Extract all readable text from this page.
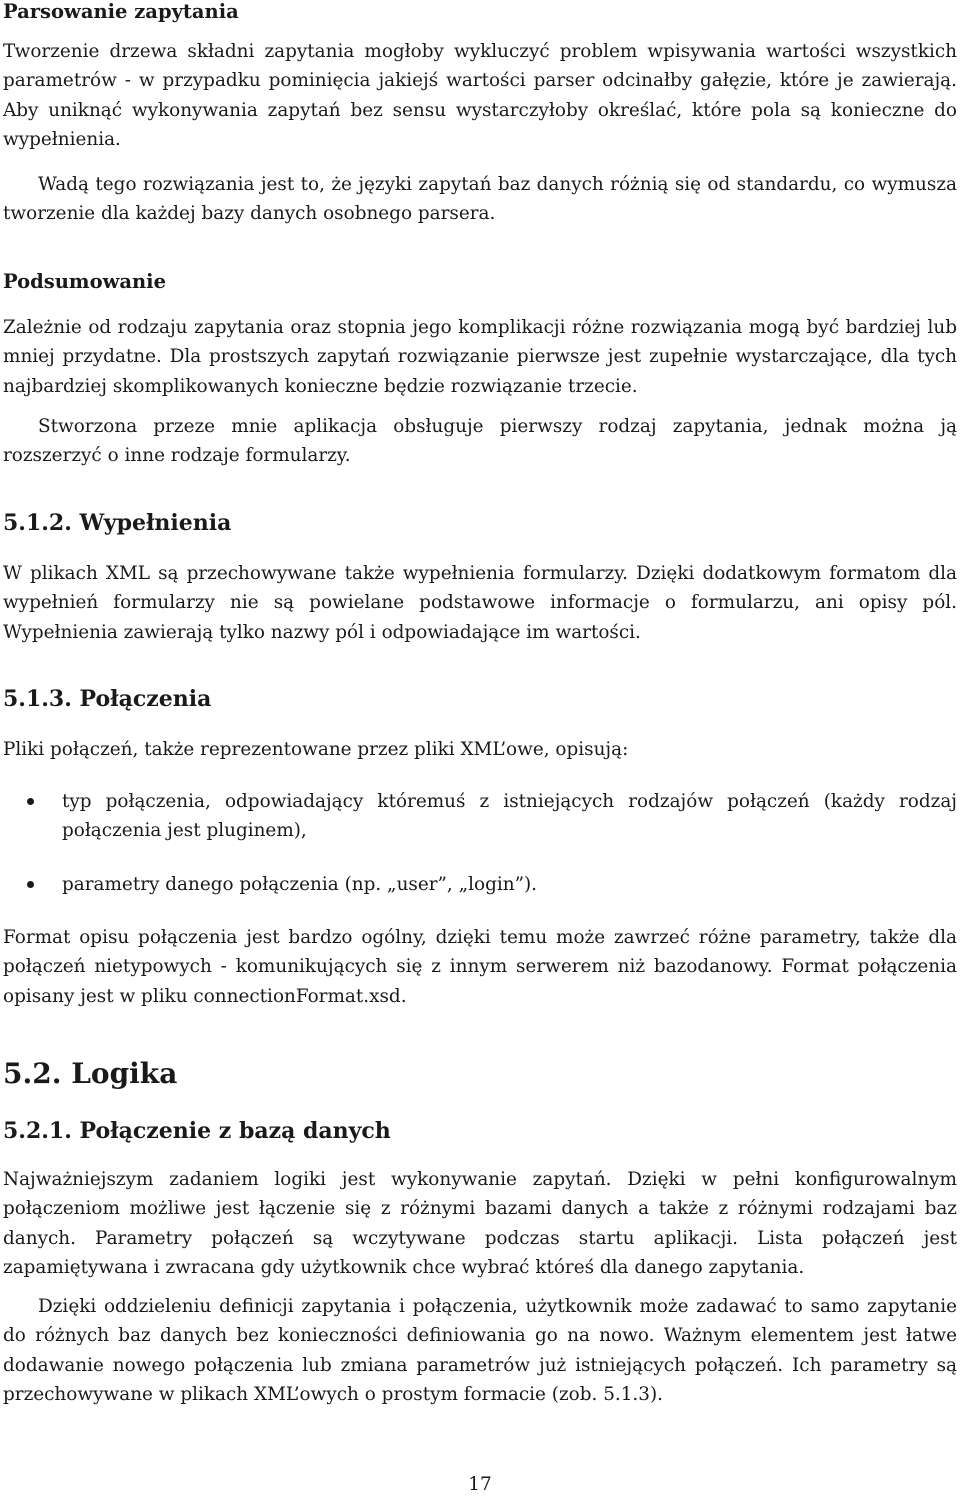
Parsowanie zapytania

Tworzenie drzewa składni zapytania mogłoby wykluczyć problem wpisywania wartości wszystkich parametrów - w przypadku pominięcia jakiejś wartości parser odcinałby gałęzie, które je zawierają. Aby uniknąć wykonywania zapytań bez sensu wystarczyłoby określać, które pola są konieczne do wypełnienia.

Wadą tego rozwiązania jest to, że języki zapytań baz danych różnią się od standardu, co wymusza tworzenie dla każdej bazy danych osobnego parsera.

Podsumowanie

Zależnie od rodzaju zapytania oraz stopnia jego komplikacji różne rozwiązania mogą być bardziej lub mniej przydatne. Dla prostszych zapytań rozwiązanie pierwsze jest zupełnie wystarczające, dla tych najbardziej skomplikowanych konieczne będzie rozwiązanie trzecie.

Stworzona przeze mnie aplikacja obsługuje pierwszy rodzaj zapytania, jednak można ją rozszerzyć o inne rodzaje formularzy.

5.1.2. Wypełnienia

W plikach XML są przechowywane także wypełnienia formularzy. Dzięki dodatkowym formatom dla wypełnień formularzy nie są powielane podstawowe informacje o formularzu, ani opisy pól. Wypełnienia zawierają tylko nazwy pól i odpowiadające im wartości.

5.1.3. Połączenia

Pliki połączeń, także reprezentowane przez pliki XML’owe, opisują:

typ połączenia, odpowiadający któremuś z istniejących rodzajów połączeń (każdy rodzaj połączenia jest pluginem),

parametry danego połączenia (np. „user”, „login”).

Format opisu połączenia jest bardzo ogólny, dzięki temu może zawrzeć różne parametry, także dla połączeń nietypowych - komunikujących się z innym serwerem niż bazodanowy. Format połączenia opisany jest w pliku connectionFormat.xsd.

5.2. Logika
5.2.1. Połączenie z bazą danych

Najważniejszym zadaniem logiki jest wykonywanie zapytań. Dzięki w pełni konfigurowalnym połączeniom możliwe jest łączenie się z różnymi bazami danych a także z różnymi rodzajami baz danych. Parametry połączeń są wczytywane podczas startu aplikacji. Lista połączeń jest zapamiętywana i zwracana gdy użytkownik chce wybrać któreś dla danego zapytania.

Dzięki oddzieleniu definicji zapytania i połączenia, użytkownik może zadawać to samo zapytanie do różnych baz danych bez konieczności definiowania go na nowo. Ważnym elementem jest łatwe dodawanie nowego połączenia lub zmiana parametrów już istniejących połączeń. Ich parametry są przechowywane w plikach XML’owych o prostym formacie (zob. 5.1.3).

17
